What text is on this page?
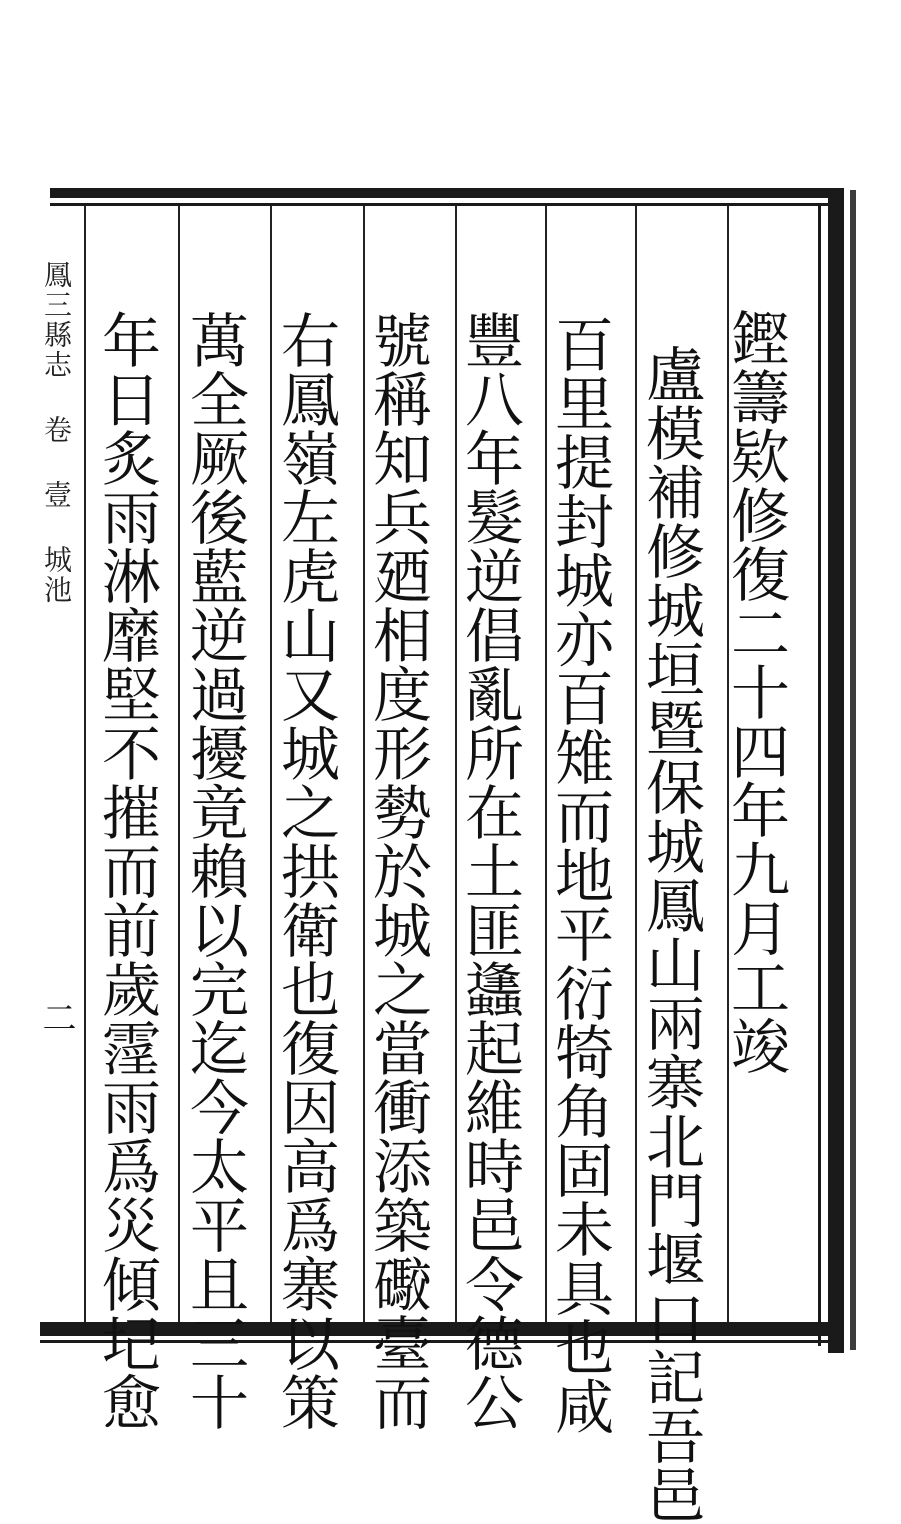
鏗籌欵修復二十四年九月工竣
盧模補修城垣暨保城鳳山兩寨北門堰口記吾邑
百里提封城亦百雉而地平衍犄角固未具也咸
豐八年髮逆倡亂所在土匪蠭起維時邑令德公
號稱知兵廼相度形勢於城之當衝添築礮臺而
右鳳嶺左虎山又城之拱衛也復因高爲寨以策
萬全厥後藍逆過擾竟賴以完迄今太平且三十
年日炙雨淋靡堅不摧而前歲霪雨爲災傾圮愈
鳳三縣志 卷 壹 城池
二
